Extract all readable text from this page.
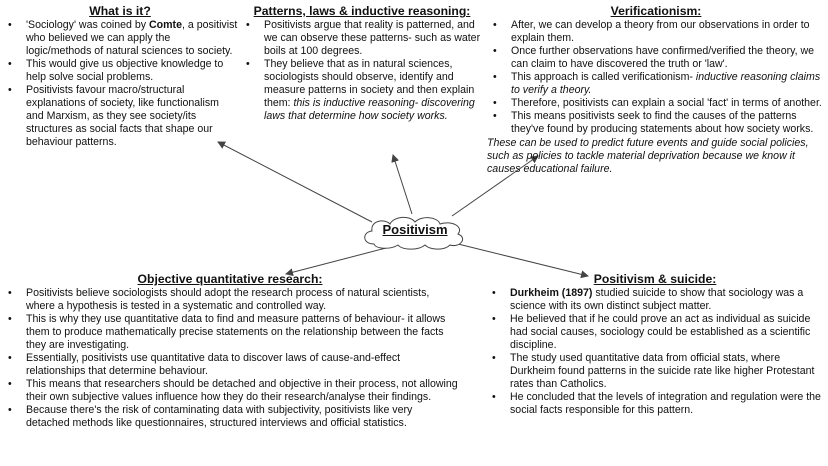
Positivism
What is it?
• 'Sociology' was coined by Comte, a positivist who believed we can apply the logic/methods of natural sciences to society.
• This would give us objective knowledge to help solve social problems.
• Positivists favour macro/structural explanations of society, like functionalism and Marxism, as they see society/its structures as social facts that shape our behaviour patterns.
Patterns, laws & inductive reasoning:
• Positivists argue that reality is patterned, and we can observe these patterns- such as water boils at 100 degrees.
• They believe that as in natural sciences, sociologists should observe, identify and measure patterns in society and then explain them: this is inductive reasoning- discovering laws that determine how society works.
Verificationism:
• After, we can develop a theory from our observations in order to explain them.
• Once further observations have confirmed/verified the theory, we can claim to have discovered the truth or 'law'.
• This approach is called verificationism- inductive reasoning claims to verify a theory.
• Therefore, positivists can explain a social 'fact' in terms of another.
• This means positivists seek to find the causes of the patterns they've found by producing statements about how society works.
These can be used to predict future events and guide social policies, such as policies to tackle material deprivation because we know it causes educational failure.
Objective quantitative research:
• Positivists believe sociologists should adopt the research process of natural scientists, where a hypothesis is tested in a systematic and controlled way.
• This is why they use quantitative data to find and measure patterns of behaviour- it allows them to produce mathematically precise statements on the relationship between the facts they are investigating.
• Essentially, positivists use quantitative data to discover laws of cause-and-effect relationships that determine behaviour.
• This means that researchers should be detached and objective in their process, not allowing their own subjective values influence how they do their research/analyse their findings.
• Because there's the risk of contaminating data with subjectivity, positivists like very detached methods like questionnaires, structured interviews and official statistics.
Positivism & suicide:
• Durkheim (1897) studied suicide to show that sociology was a science with its own distinct subject matter.
• He believed that if he could prove an act as individual as suicide had social causes, sociology could be established as a scientific discipline.
• The study used quantitative data from official stats, where Durkheim found patterns in the suicide rate like higher Protestant rates than Catholics.
• He concluded that the levels of integration and regulation were the social facts responsible for this pattern.
